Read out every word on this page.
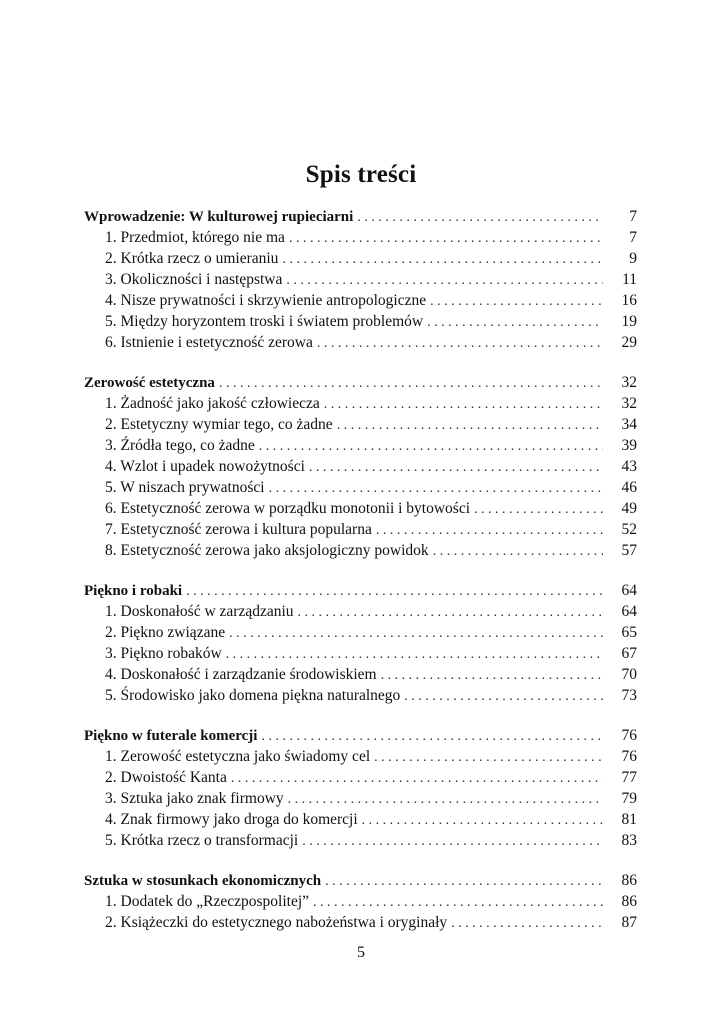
Spis treści
Wprowadzenie: W kulturowej rupieciarni . . .	7
1. Przedmiot, którego nie ma . . .	7
2. Krótka rzecz o umieraniu . . .	9
3. Okoliczności i następstwa . . .	11
4. Nisze prywatności i skrzywienie antropologiczne . . .	16
5. Między horyzontem troski i światem problemów . . .	19
6. Istnienie i estetyczność zerowa . . .	29
Zerowość estetyczna . . .	32
1. Żadność jako jakość człowiecza . . .	32
2. Estetyczny wymiar tego, co żadne . . .	34
3. Źródła tego, co żadne . . .	39
4. Wzlot i upadek nowożytności . . .	43
5. W niszach prywatności . . .	46
6. Estetyczność zerowa w porządku monotonii i bytowości . . .	49
7. Estetyczność zerowa i kultura popularna . . .	52
8. Estetyczność zerowa jako aksjologiczny powidok . . .	57
Piękno i robaki . . .	64
1. Doskonałość w zarządzaniu . . .	64
2. Piękno związane . . .	65
3. Piękno robaków . . .	67
4. Doskonałość i zarządzanie środowiskiem . . .	70
5. Środowisko jako domena piękna naturalnego . . .	73
Piękno w futerale komercji . . .	76
1. Zerowość estetyczna jako świadomy cel . . .	76
2. Dwoistość Kanta . . .	77
3. Sztuka jako znak firmowy . . .	79
4. Znak firmowy jako droga do komercji . . .	81
5. Krótka rzecz o transformacji . . .	83
Sztuka w stosunkach ekonomicznych . . .	86
1. Dodatek do „Rzeczpospolitej” . . .	86
2. Książeczki do estetycznego nabożeństwa i oryginały . . .	87
5
